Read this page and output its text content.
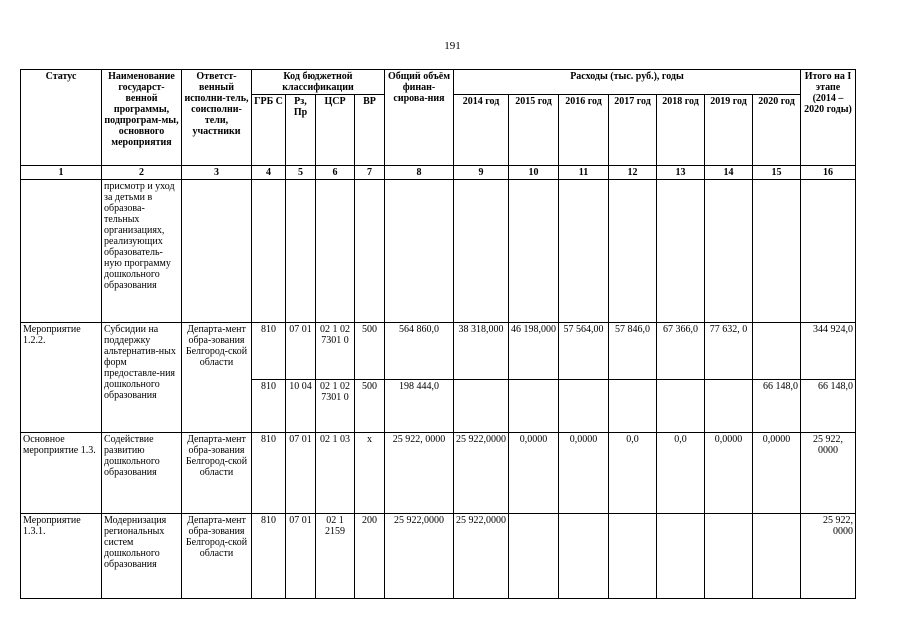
191
Статус	Наименование государст-венной программы, подпрограм-мы, основного мероприятия	Ответст-венный исполни-тель, соисполни-тели, участники	Код бюджетной классификации				Общий объём финан-сирова-ния	Расходы (тыс. руб.), годы							Итого на I этапе (2014 – 2020 годы)
			ГРБ С	Рз, Пр	ЦСР	ВР		2014 год	2015 год	2016 год	2017 год	2018 год	2019 год	2020 год	
1	2	3	4	5	6	7	8	9	10	11	12	13	14	15	16
	присмотр и уход за детьми в образова-тельных организациях, реализующих образователь-ную программу дошкольного образования														
Мероприятие 1.2.2.	Субсидии на поддержку альтернатив-ных форм предоставле-ния дошкольного образования	Департа-мент обра-зования Белгород-ской области	810	07 01	02 1 02 7301 0	500	564 860,0	38 318,000	46 198,000	57 564,00	57 846,0	67 366,0	77 632, 0		344 924,0
			810	10 04	02 1 02 7301 0	500	198 444,0							66 148,0	66 148,0
Основное мероприятие 1.3.	Содействие развитию дошкольного образования	Департа-мент обра-зования Белгород-ской области	810	07 01	02 1 03	х	25 922, 0000	25 922,0000	0,0000	0,0000	0,0	0,0	0,0000	0,0000	25 922, 0000
Мероприятие 1.3.1.	Модернизация региональных систем дошкольного образования	Департа-мент обра-зования Белгород-ской области	810	07 01	02 1 2159	200	25 922,0000	25 922,0000							25 922, 0000
